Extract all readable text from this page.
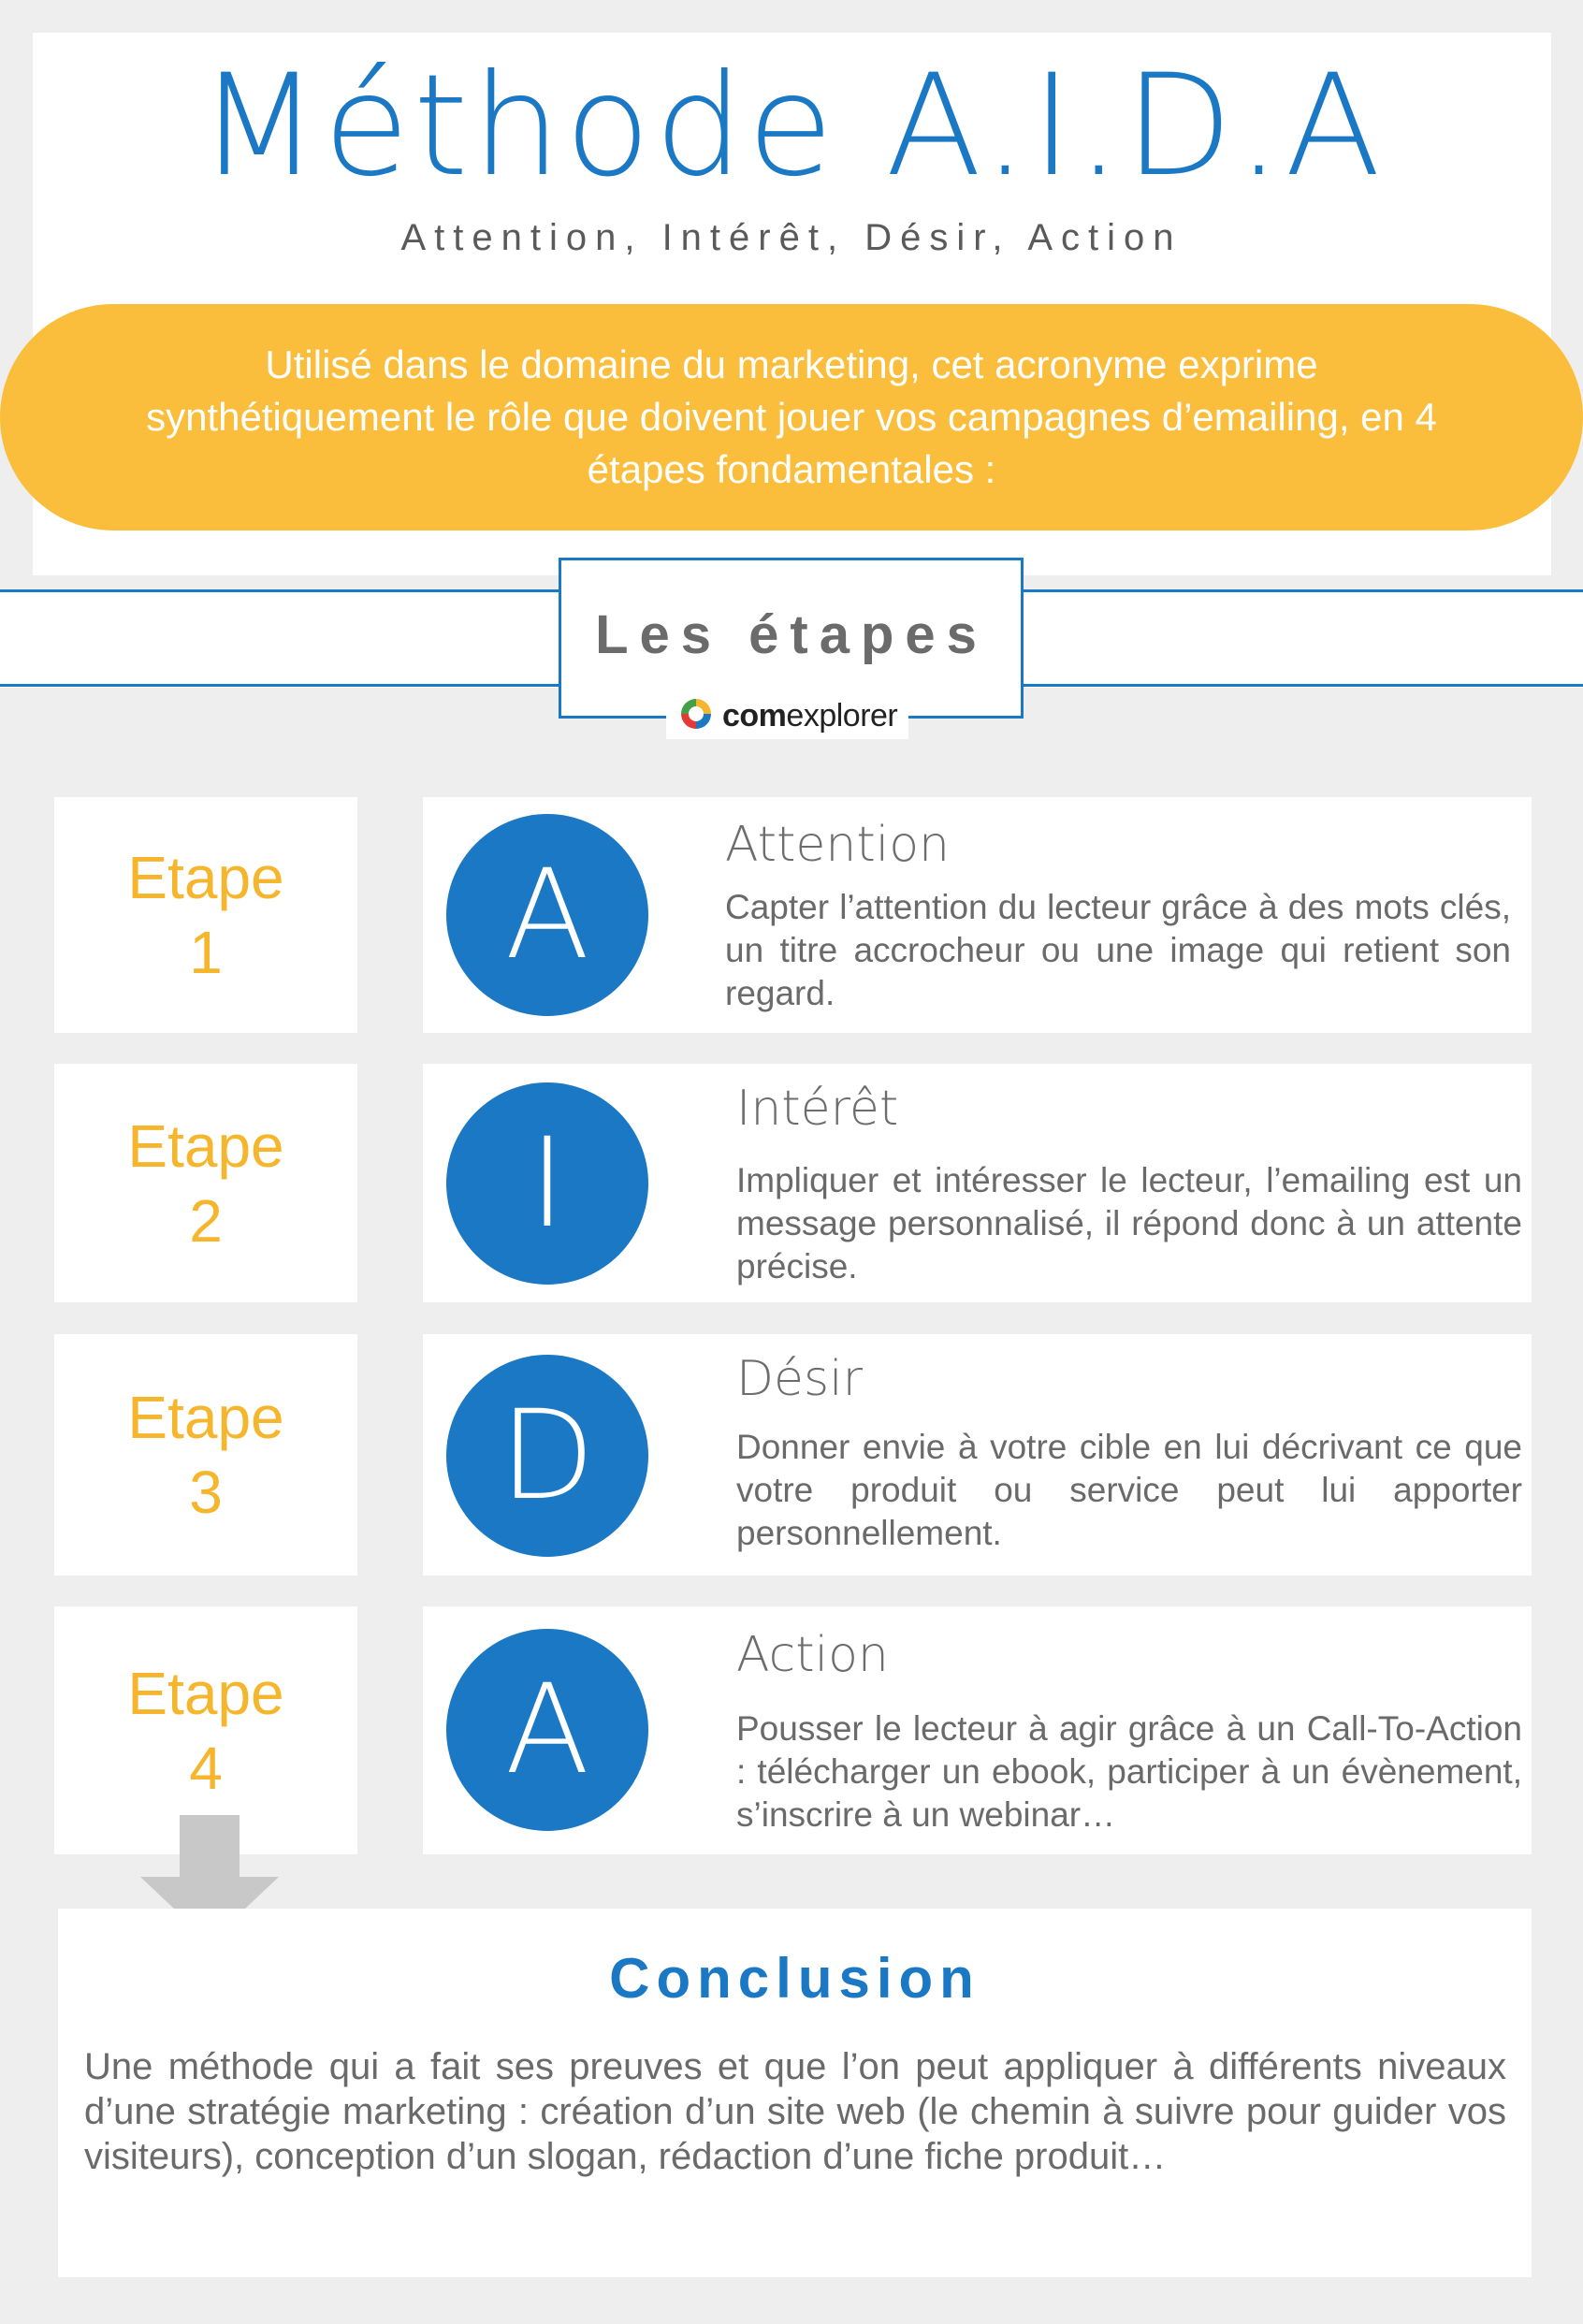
Méthode A.I.D.A
Attention, Intérêt, Désir, Action
Utilisé dans le domaine du marketing, cet acronyme exprime synthétiquement le rôle que doivent jouer vos campagnes d’emailing, en 4 étapes fondamentales :
Les étapes
comexplorer
Etape
1	A	Attention
Capter l’attention du lecteur grâce à des mots clés, un titre accrocheur ou une image qui retient son regard.
Etape
2	I
Intérêt
Impliquer et intéresser le lecteur, l’emailing est un message personnalisé, il répond donc à un attente précise.
Etape
3	D
Désir
Donner envie à votre cible en lui décrivant ce que votre produit ou service peut lui apporter personnellement.
Etape
4	A
Action
Pousser le lecteur à agir grâce à un Call-To-Action : télécharger un ebook, participer à un évènement, s’inscrire à un webinar…
Conclusion
Une méthode qui a fait ses preuves et que l’on peut appliquer à différents niveaux d’une stratégie marketing : création d’un site web (le chemin à suivre pour guider vos visiteurs), conception d’un slogan, rédaction d’une fiche produit…
